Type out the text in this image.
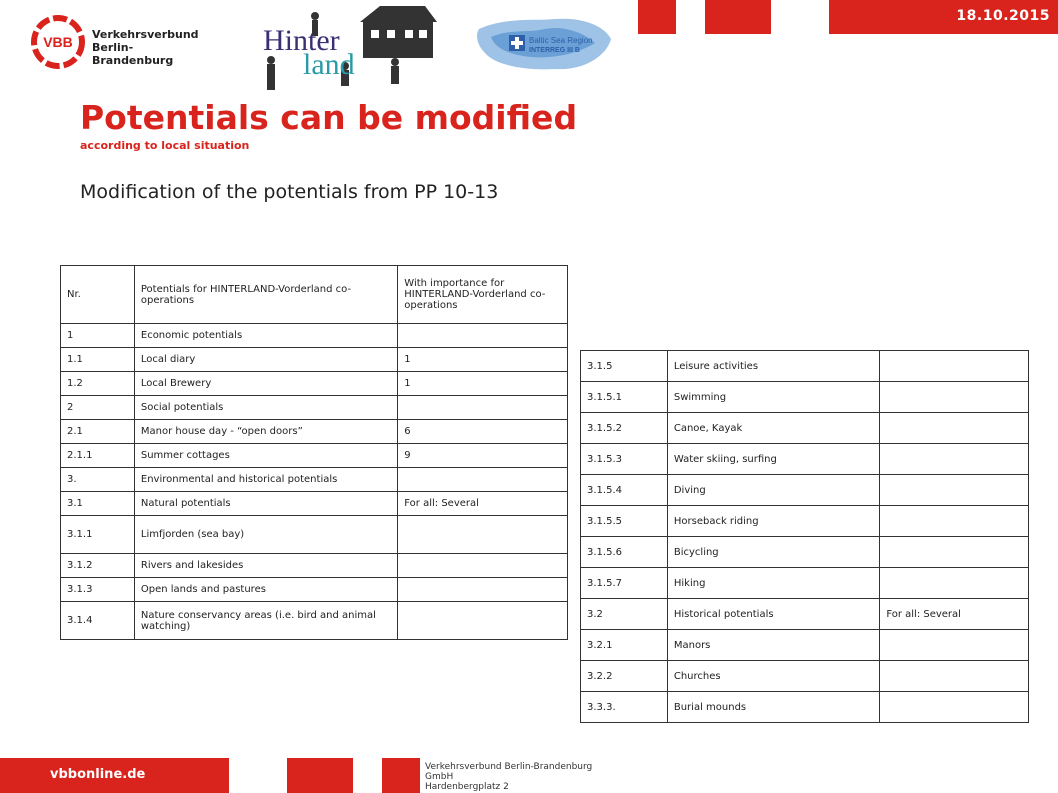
18.10.2015
VBB Verkehrsverbund
Berlin-Brandenburg
Hinter
land
Baltic Sea Region
INTERREG III B
Potentials can be modified
according to local situation
Modification of the potentials from PP 10-13
Nr.	Potentials for HINTERLAND-Vorderland co-operations	With importance for HINTERLAND-Vorderland co-operations
1	Economic potentials	
1.1	Local diary	1
1.2	Local Brewery	1
2	Social potentials	
2.1	Manor house day - “open doors”	6
2.1.1	Summer cottages	9
3.	Environmental and historical potentials	
3.1	Natural potentials	For all: Several
3.1.1	Limfjorden (sea bay)	
3.1.2	Rivers and lakesides	
3.1.3	Open lands and pastures	
3.1.4	Nature conservancy areas (i.e. bird and animal watching)	
3.1.5	Leisure activities	
3.1.5.1	Swimming	
3.1.5.2	Canoe, Kayak	
3.1.5.3	Water skiing, surfing	
3.1.5.4	Diving	
3.1.5.5	Horseback riding	
3.1.5.6	Bicycling	
3.1.5.7	Hiking	
3.2	Historical potentials	For all: Several
3.2.1	Manors	
3.2.2	Churches	
3.3.3.	Burial mounds	
vbbonline.de	Verkehrsverbund Berlin-Brandenburg
GmbH
Hardenbergplatz 2
